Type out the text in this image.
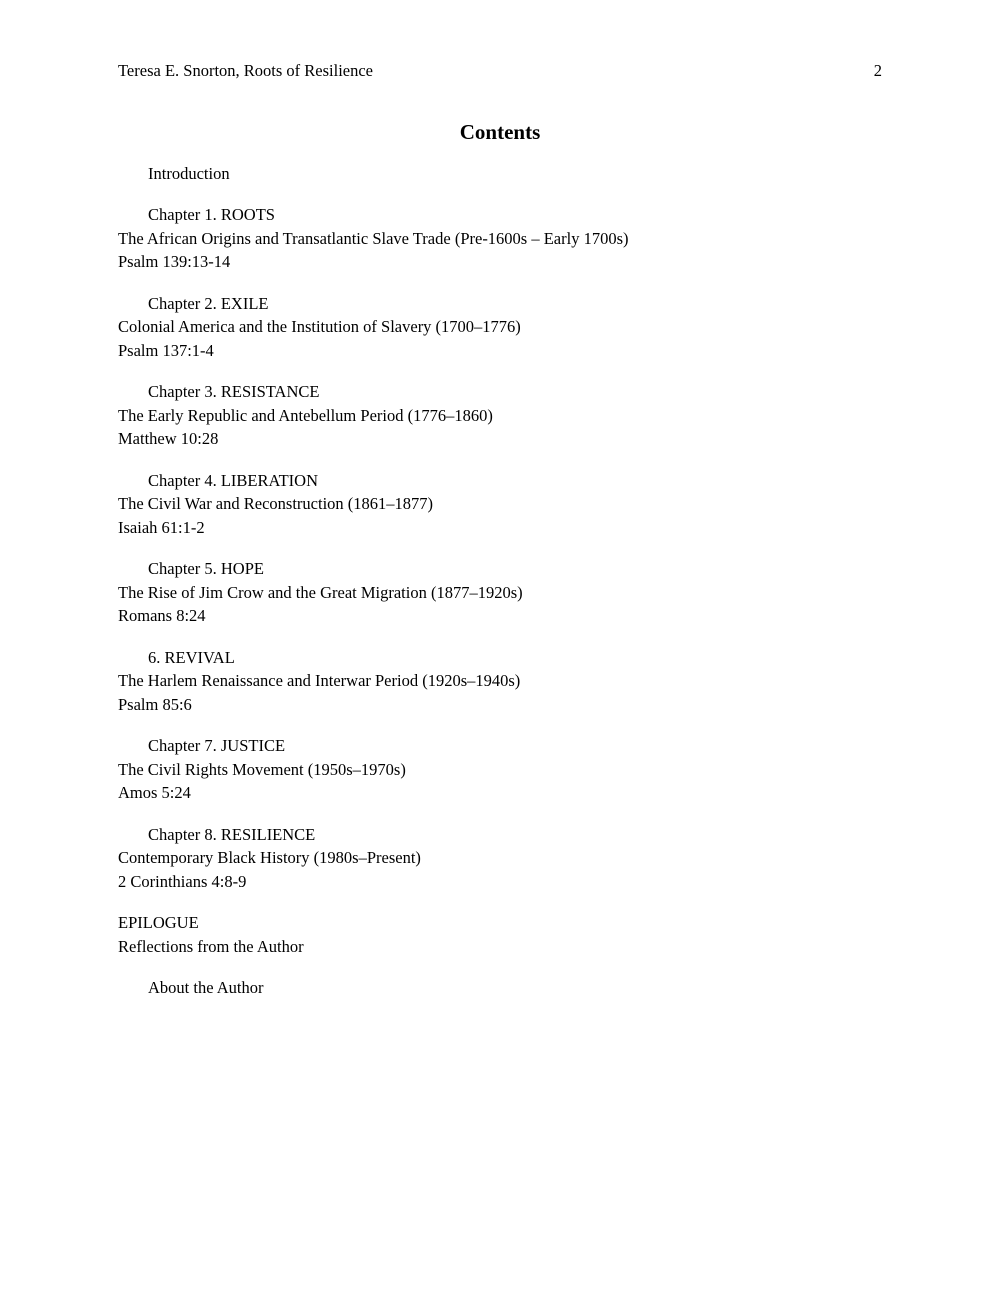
Teresa E. Snorton, Roots of Resilience	2
Contents
Introduction
Chapter 1. ROOTS
The African Origins and Transatlantic Slave Trade (Pre-1600s – Early 1700s)
Psalm 139:13-14
Chapter 2. EXILE
Colonial America and the Institution of Slavery (1700–1776)
Psalm 137:1-4
Chapter 3. RESISTANCE
The Early Republic and Antebellum Period (1776–1860)
Matthew 10:28
Chapter 4. LIBERATION
The Civil War and Reconstruction (1861–1877)
Isaiah 61:1-2
Chapter 5. HOPE
The Rise of Jim Crow and the Great Migration (1877–1920s)
Romans 8:24
6. REVIVAL
The Harlem Renaissance and Interwar Period (1920s–1940s)
Psalm 85:6
Chapter 7. JUSTICE
The Civil Rights Movement (1950s–1970s)
Amos 5:24
Chapter 8. RESILIENCE
Contemporary Black History (1980s–Present)
2 Corinthians 4:8-9
EPILOGUE
Reflections from the Author
About the Author
